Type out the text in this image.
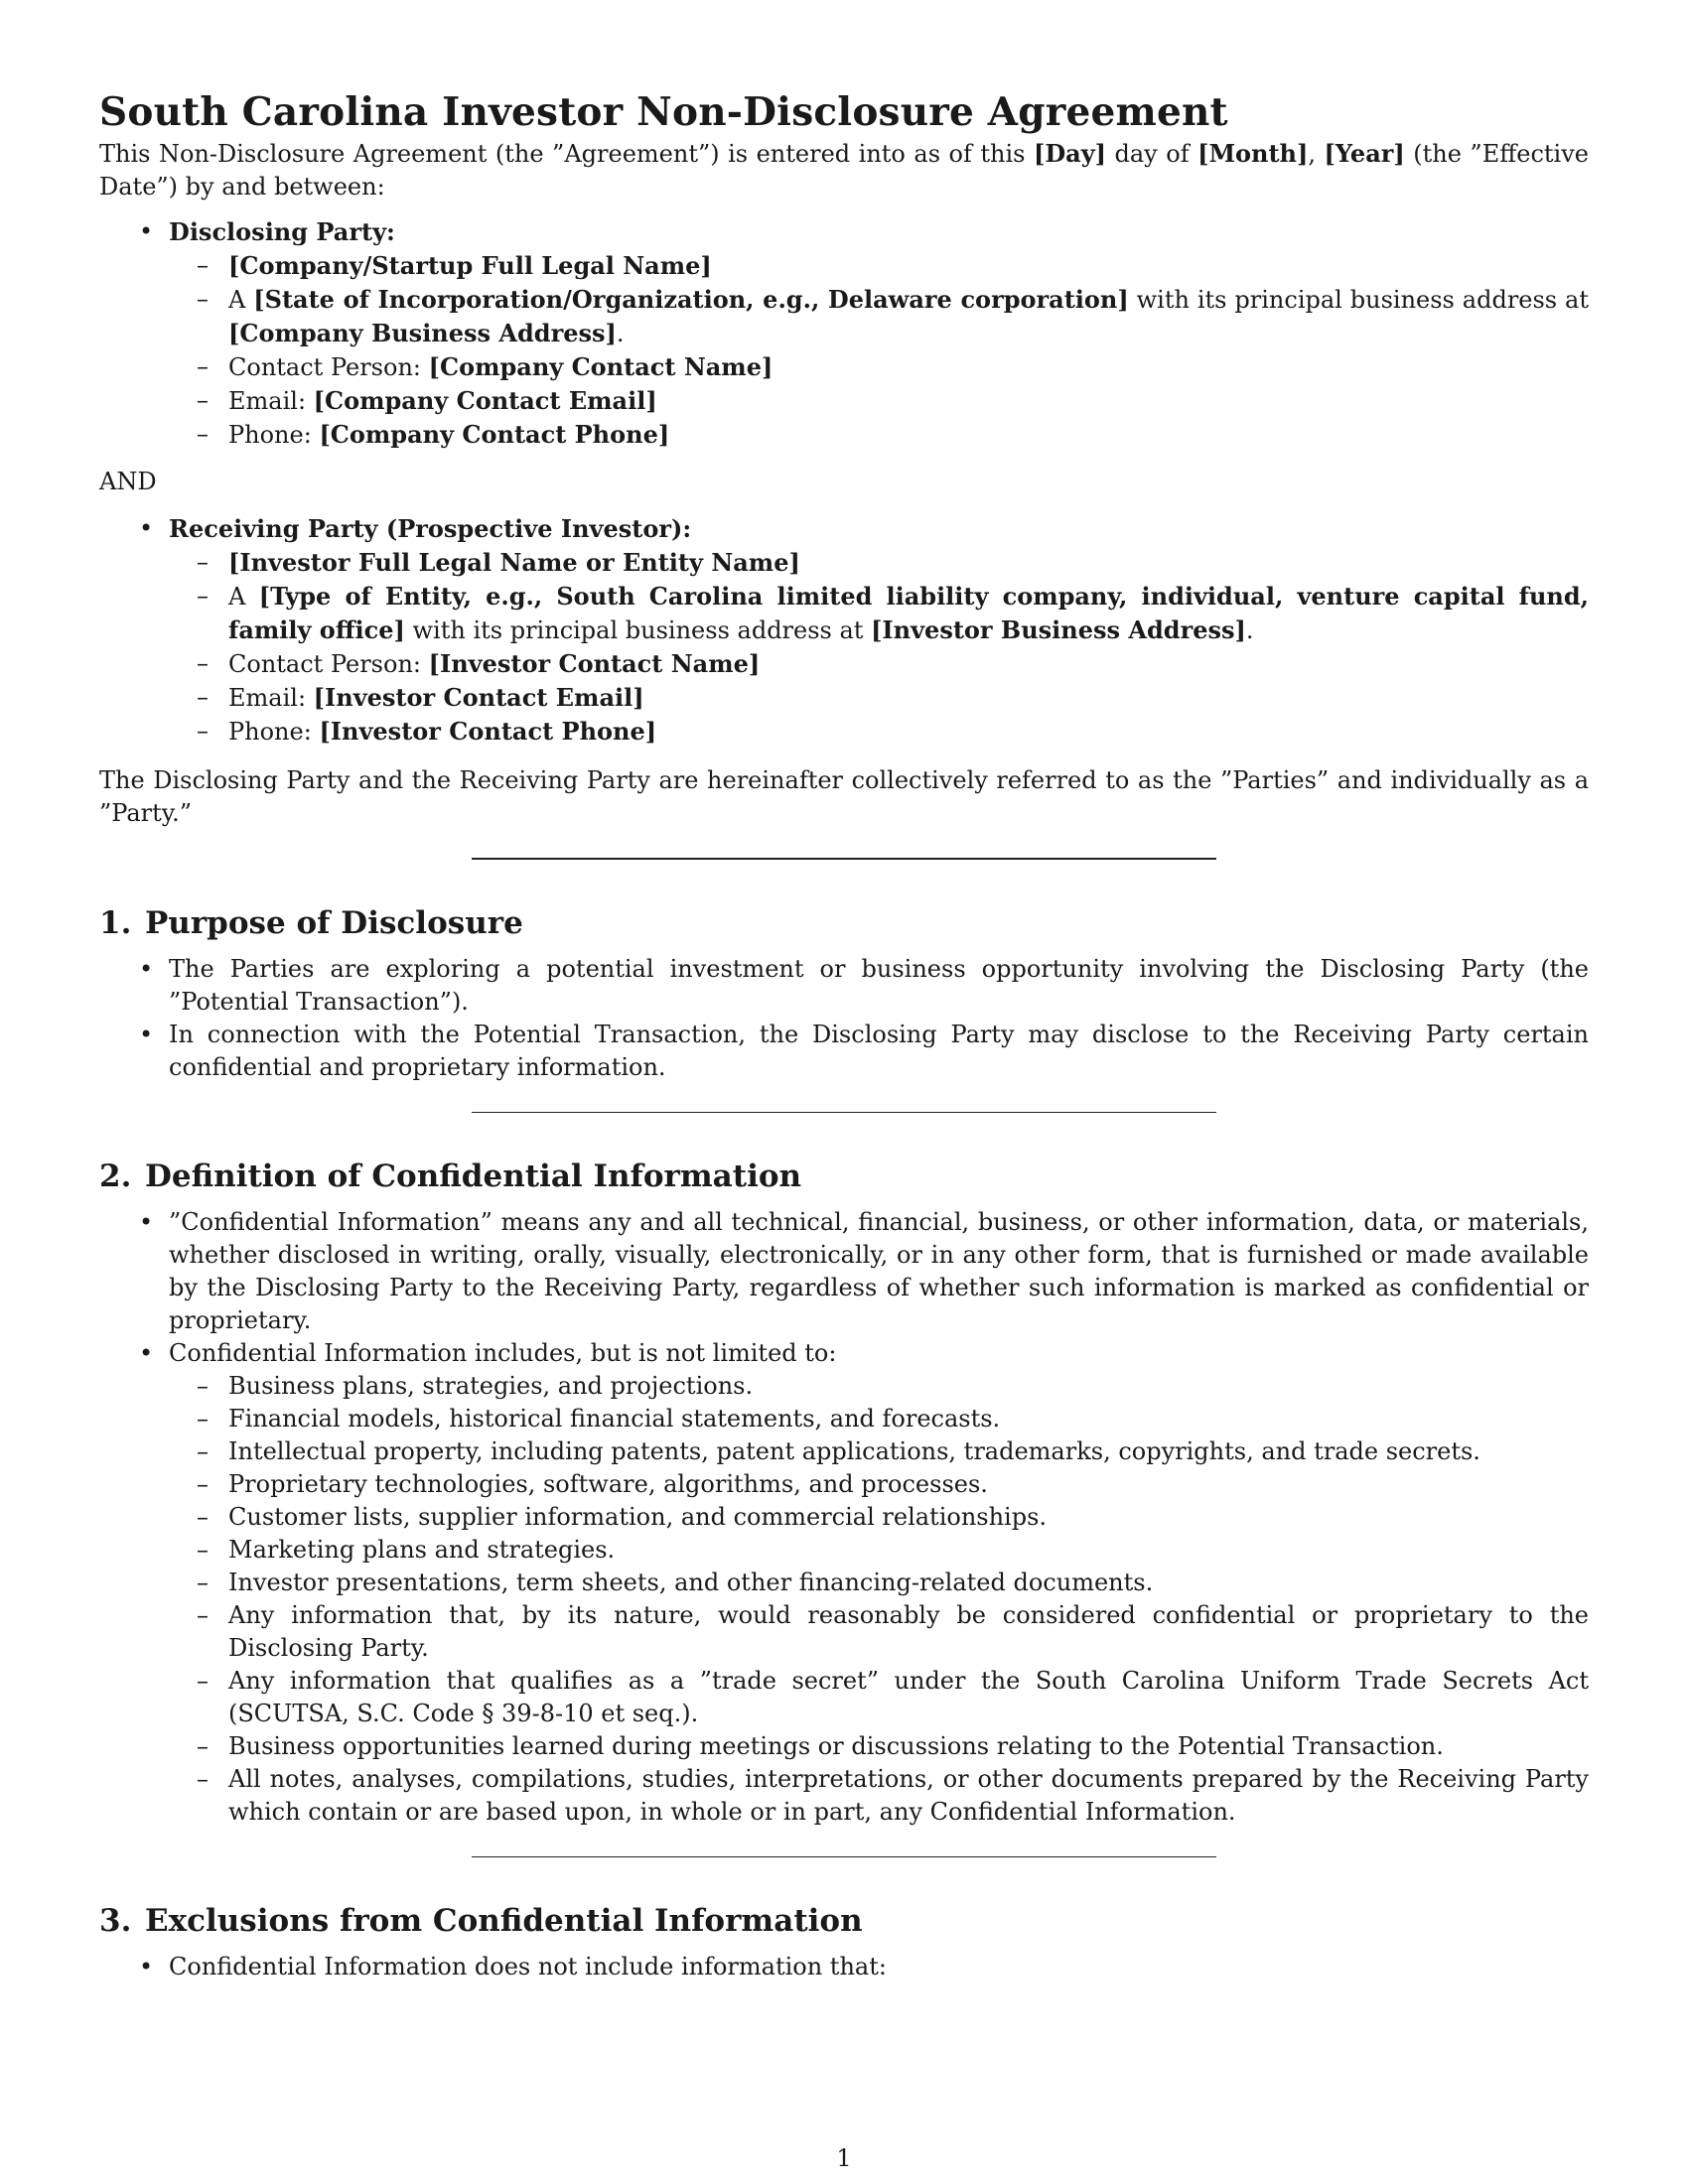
South Carolina Investor Non-Disclosure Agreement

This Non-Disclosure Agreement (the ”Agreement”) is entered into as of this [Day] day of [Month], [Year] (the ”Effective Date”) by and between:

• Disclosing Party:
– [Company/Startup Full Legal Name]
– A [State of Incorporation/Organization, e.g., Delaware corporation] with its principal business address at [Company Business Address].
– Contact Person: [Company Contact Name]
– Email: [Company Contact Email]
– Phone: [Company Contact Phone]
AND
• Receiving Party (Prospective Investor):
– [Investor Full Legal Name or Entity Name]
– A [Type of Entity, e.g., South Carolina limited liability company, individual, venture capital fund, family office] with its principal business address at [Investor Business Address].
– Contact Person: [Investor Contact Name]
– Email: [Investor Contact Email]
– Phone: [Investor Contact Phone]

The Disclosing Party and the Receiving Party are hereinafter collectively referred to as the ”Parties” and individually as a ”Party.”

1. Purpose of Disclosure
• The Parties are exploring a potential investment or business opportunity involving the Disclosing Party (the ”Potential Transaction”).
• In connection with the Potential Transaction, the Disclosing Party may disclose to the Receiving Party certain confidential and proprietary information.
2. Definition of Confidential Information
• ”Confidential Information” means any and all technical, financial, business, or other information, data, or materials, whether disclosed in writing, orally, visually, electronically, or in any other form, that is furnished or made available by the Disclosing Party to the Receiving Party, regardless of whether such information is marked as confidential or proprietary.
• Confidential Information includes, but is not limited to:
– Business plans, strategies, and projections.
– Financial models, historical financial statements, and forecasts.
– Intellectual property, including patents, patent applications, trademarks, copyrights, and trade secrets.
– Proprietary technologies, software, algorithms, and processes.
– Customer lists, supplier information, and commercial relationships.
– Marketing plans and strategies.
– Investor presentations, term sheets, and other financing-related documents.
– Any information that, by its nature, would reasonably be considered confidential or proprietary to the Disclosing Party.
– Any information that qualifies as a ”trade secret” under the South Carolina Uniform Trade Secrets Act (SCUTSA, S.C. Code § 39-8-10 et seq.).
– Business opportunities learned during meetings or discussions relating to the Potential Transaction.
– All notes, analyses, compilations, studies, interpretations, or other documents prepared by the Receiving Party which contain or are based upon, in whole or in part, any Confidential Information.
3. Exclusions from Confidential Information
• Confidential Information does not include information that:
1
